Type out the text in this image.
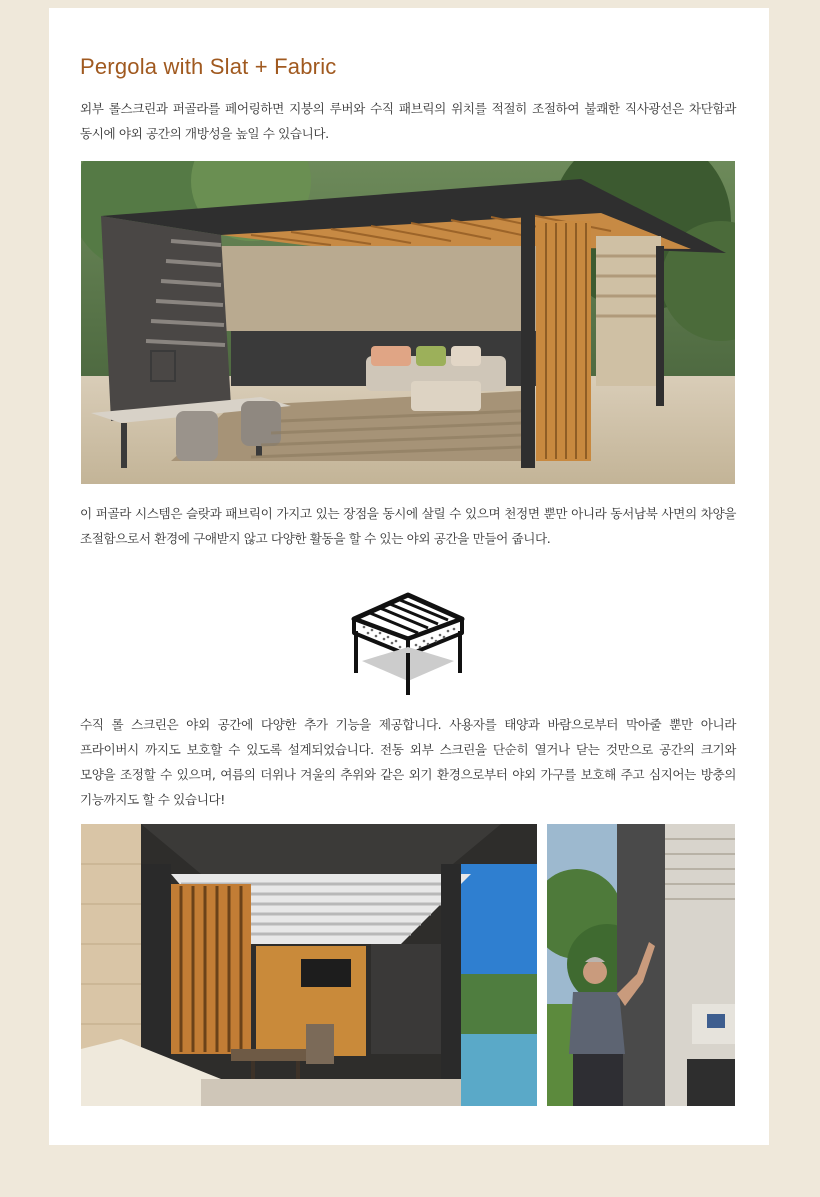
Pergola with Slat + Fabric
외부 롤스크린과 퍼골라를 페어링하면 지붕의 루버와 수직 패브릭의 위치를 적절히 조절하여 불쾌한 직사광선은 차단함과 동시에 야외 공간의 개방성을 높일 수 있습니다.
이 퍼골라 시스템은 슬랏과 패브릭이 가지고 있는 장점을 동시에 살릴 수 있으며 천정면 뿐만 아니라 동서남북 사면의 차양을 조절함으로서 환경에 구애받지 않고 다양한 활동을 할 수 있는 야외 공간을 만들어 줍니다.
수직 롤 스크린은 야외 공간에 다양한 추가 기능을 제공합니다. 사용자를 태양과 바람으로부터 막아줄 뿐만 아니라 프라이버시 까지도 보호할 수 있도록 설계되었습니다. 전동 외부 스크린을 단순히 열거나 닫는 것만으로 공간의 크기와 모양을 조정할 수 있으며, 여름의 더위나 겨울의 추위와 같은 외기 환경으로부터 야외 가구를 보호해 주고 심지어는 방충의 기능까지도 할 수 있습니다!
